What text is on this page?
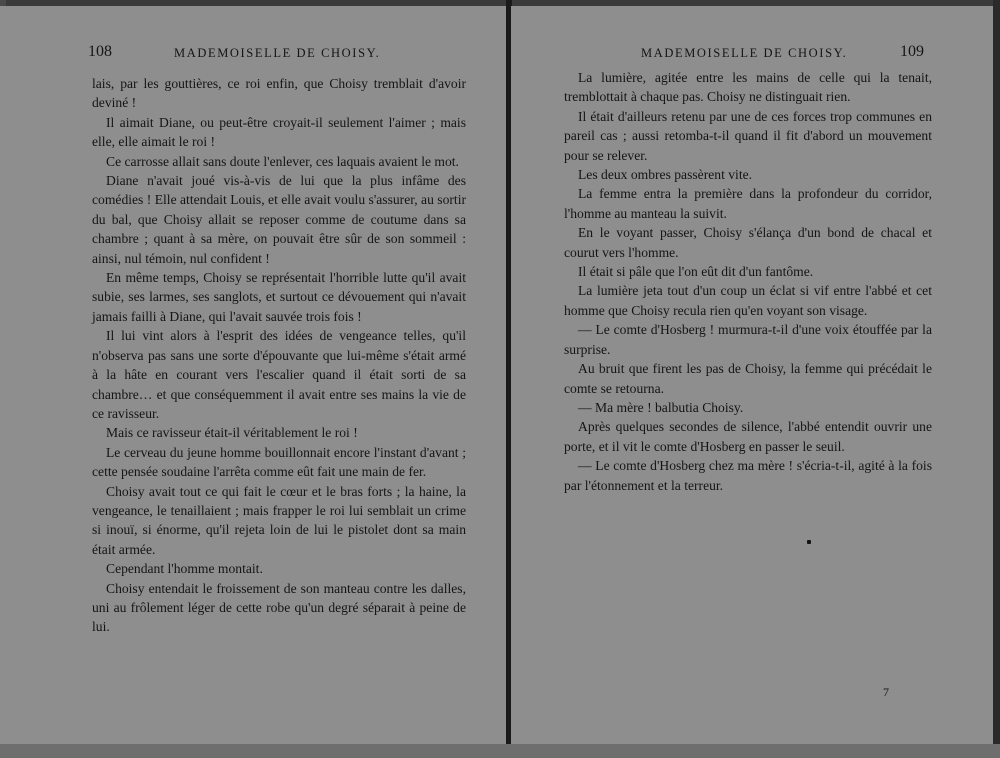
108	MADEMOISELLE DE CHOISY.

lais, par les gouttières, ce roi enfin, que Choisy tremblait d'avoir deviné !

Il aimait Diane, ou peut-être croyait-il seulement l'aimer ; mais elle, elle aimait le roi !

Ce carrosse allait sans doute l'enlever, ces laquais avaient le mot.

Diane n'avait joué vis-à-vis de lui que la plus infâme des comédies ! Elle attendait Louis, et elle avait voulu s'assurer, au sortir du bal, que Choisy allait se reposer comme de coutume dans sa chambre ; quant à sa mère, on pouvait être sûr de son sommeil : ainsi, nul témoin, nul confident !

En même temps, Choisy se représentait l'horrible lutte qu'il avait subie, ses larmes, ses sanglots, et surtout ce dévouement qui n'avait jamais failli à Diane, qui l'avait sauvée trois fois !

Il lui vint alors à l'esprit des idées de vengeance telles, qu'il n'observa pas sans une sorte d'épouvante que lui-même s'était armé à la hâte en courant vers l'escalier quand il était sorti de sa chambre… et que conséquemment il avait entre ses mains la vie de ce ravisseur.

Mais ce ravisseur était-il véritablement le roi !

Le cerveau du jeune homme bouillonnait encore l'instant d'avant ; cette pensée soudaine l'arrêta comme eût fait une main de fer.

Choisy avait tout ce qui fait le cœur et le bras forts ; la haine, la vengeance, le tenaillaient ; mais frapper le roi lui semblait un crime si inouï, si énorme, qu'il rejeta loin de lui le pistolet dont sa main était armée.

Cependant l'homme montait.

Choisy entendait le froissement de son manteau contre les dalles, uni au frôlement léger de cette robe qu'un degré séparait à peine de lui.

MADEMOISELLE DE CHOISY.	109

La lumière, agitée entre les mains de celle qui la tenait, tremblottait à chaque pas. Choisy ne distinguait rien.

Il était d'ailleurs retenu par une de ces forces trop communes en pareil cas ; aussi retomba-t-il quand il fit d'abord un mouvement pour se relever.

Les deux ombres passèrent vite.

La femme entra la première dans la profondeur du corridor, l'homme au manteau la suivit.

En le voyant passer, Choisy s'élança d'un bond de chacal et courut vers l'homme.

Il était si pâle que l'on eût dit d'un fantôme.

La lumière jeta tout d'un coup un éclat si vif entre l'abbé et cet homme que Choisy recula rien qu'en voyant son visage.

— Le comte d'Hosberg ! murmura-t-il d'une voix étouffée par la surprise.

Au bruit que firent les pas de Choisy, la femme qui précédait le comte se retourna.

— Ma mère ! balbutia Choisy.

Après quelques secondes de silence, l'abbé entendit ouvrir une porte, et il vit le comte d'Hosberg en passer le seuil.

— Le comte d'Hosberg chez ma mère ! s'écria-t-il, agité à la fois par l'étonnement et la terreur.

7
